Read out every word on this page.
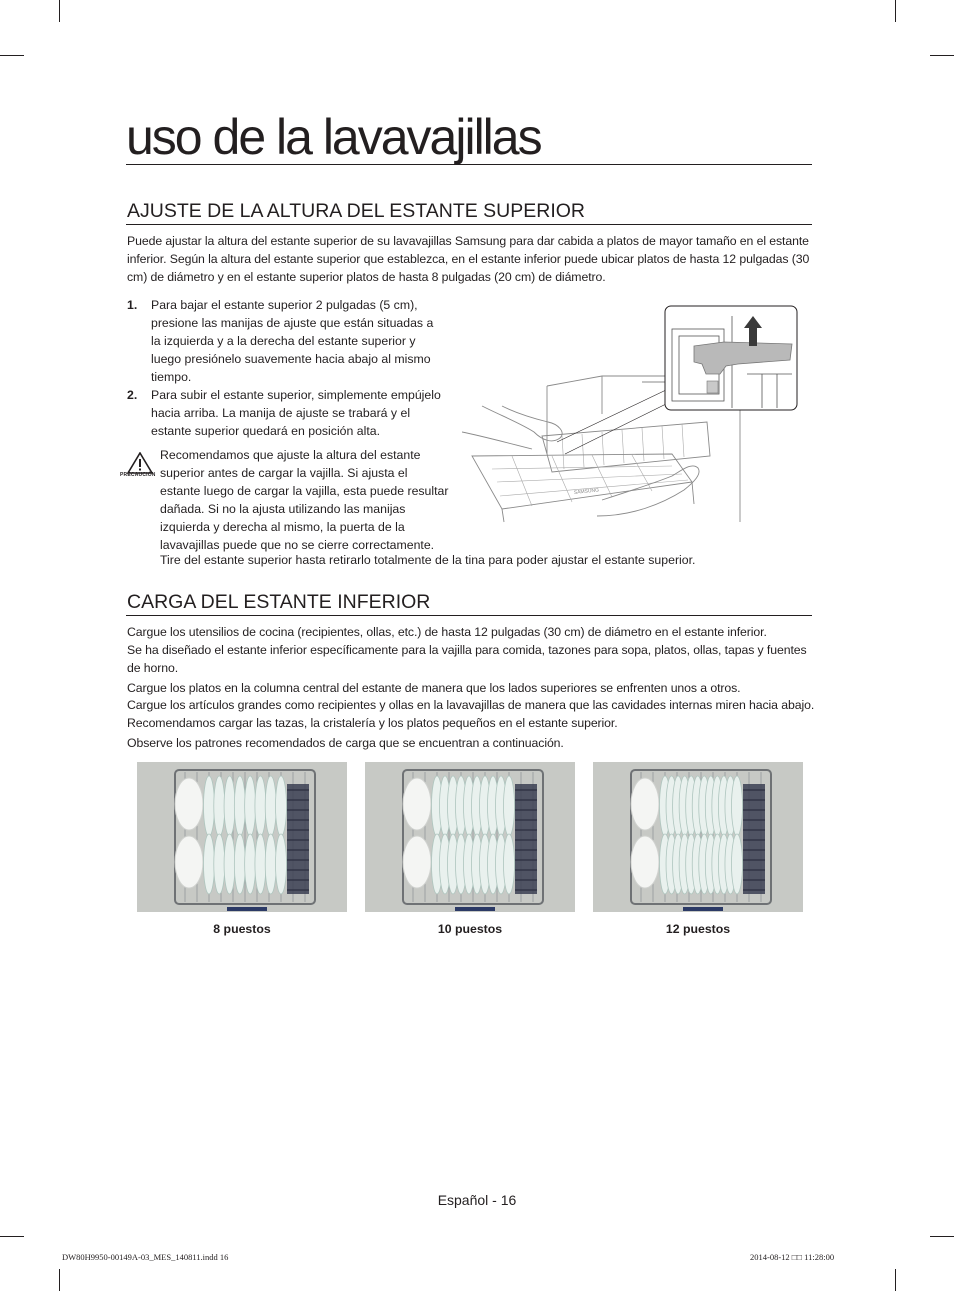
uso de la lavavajillas
AJUSTE DE LA ALTURA DEL ESTANTE SUPERIOR
Puede ajustar la altura del estante superior de su lavavajillas Samsung para dar cabida a platos de mayor tamaño en el estante inferior. Según la altura del estante superior que establezca, en el estante inferior puede ubicar platos de hasta 12 pulgadas (30 cm) de diámetro y en el estante superior platos de hasta 8 pulgadas (20 cm) de diámetro.
1. Para bajar el estante superior 2 pulgadas (5 cm), presione las manijas de ajuste que están situadas a la izquierda y a la derecha del estante superior y luego presiónelo suavemente hacia abajo al mismo tiempo.
2. Para subir el estante superior, simplemente empújelo hacia arriba. La manija de ajuste se trabará y el estante superior quedará en posición alta.
PRECAUCIÓN
Recomendamos que ajuste la altura del estante superior antes de cargar la vajilla. Si ajusta el estante luego de cargar la vajilla, esta puede resultar dañada. Si no la ajusta utilizando las manijas izquierda y derecha al mismo, la puerta de la lavavajillas puede que no se cierre correctamente.
Tire del estante superior hasta retirarlo totalmente de la tina para poder ajustar el estante superior.
SAMSUNG
CARGA DEL ESTANTE INFERIOR
Cargue los utensilios de cocina (recipientes, ollas, etc.) de hasta 12 pulgadas (30 cm) de diámetro en el estante inferior.
Se ha diseñado el estante inferior específicamente para la vajilla para comida, tazones para sopa, platos, ollas, tapas y fuentes de horno.
Cargue los platos en la columna central del estante de manera que los lados superiores se enfrenten unos a otros.
Cargue los artículos grandes como recipientes y ollas en la lavavajillas de manera que las cavidades internas miren hacia abajo. Recomendamos cargar las tazas, la cristalería y los platos pequeños en el estante superior.
Observe los patrones recomendados de carga que se encuentran a continuación.
8 puestos	10 puestos	12 puestos
Español - 16
DW80H9950-00149A-03_MES_140811.indd 16	2014-08-12 □□ 11:28:00
